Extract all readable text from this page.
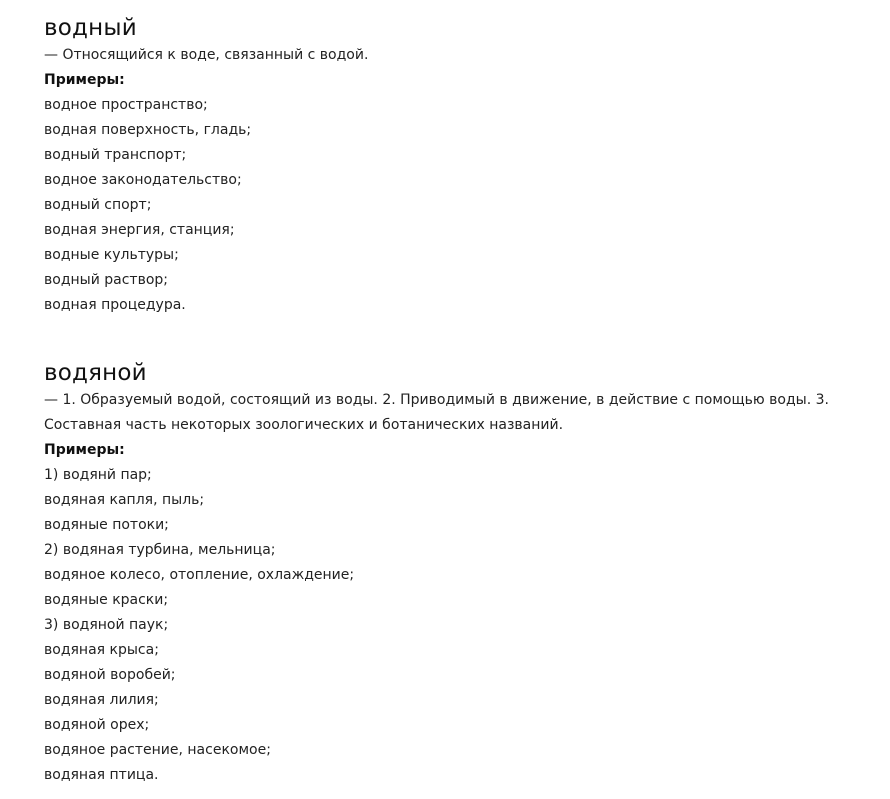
водный

— Относящийся к воде, связанный с водой.

Примеры:

водное пространство;
водная поверхность, гладь;
водный транспорт;
водное законодательство;
водный спорт;
водная энергия, станция;
водные культуры;
водный раствор;
водная процедура.
водяной

— 1. Образуемый водой, состоящий из воды. 2. Приводимый в движение, в действие с помощью воды. 3. Составная часть некоторых зоологических и ботанических названий.

Примеры:

1) водянй пар;
водяная капля, пыль;
водяные потоки;
2) водяная турбина, мельница;
водяное колесо, отопление, охлаждение;
водяные краски;
3) водяной паук;
водяная крыса;
водяной воробей;
водяная лилия;
водяной орех;
водяное растение, насекомое;
водяная птица.
